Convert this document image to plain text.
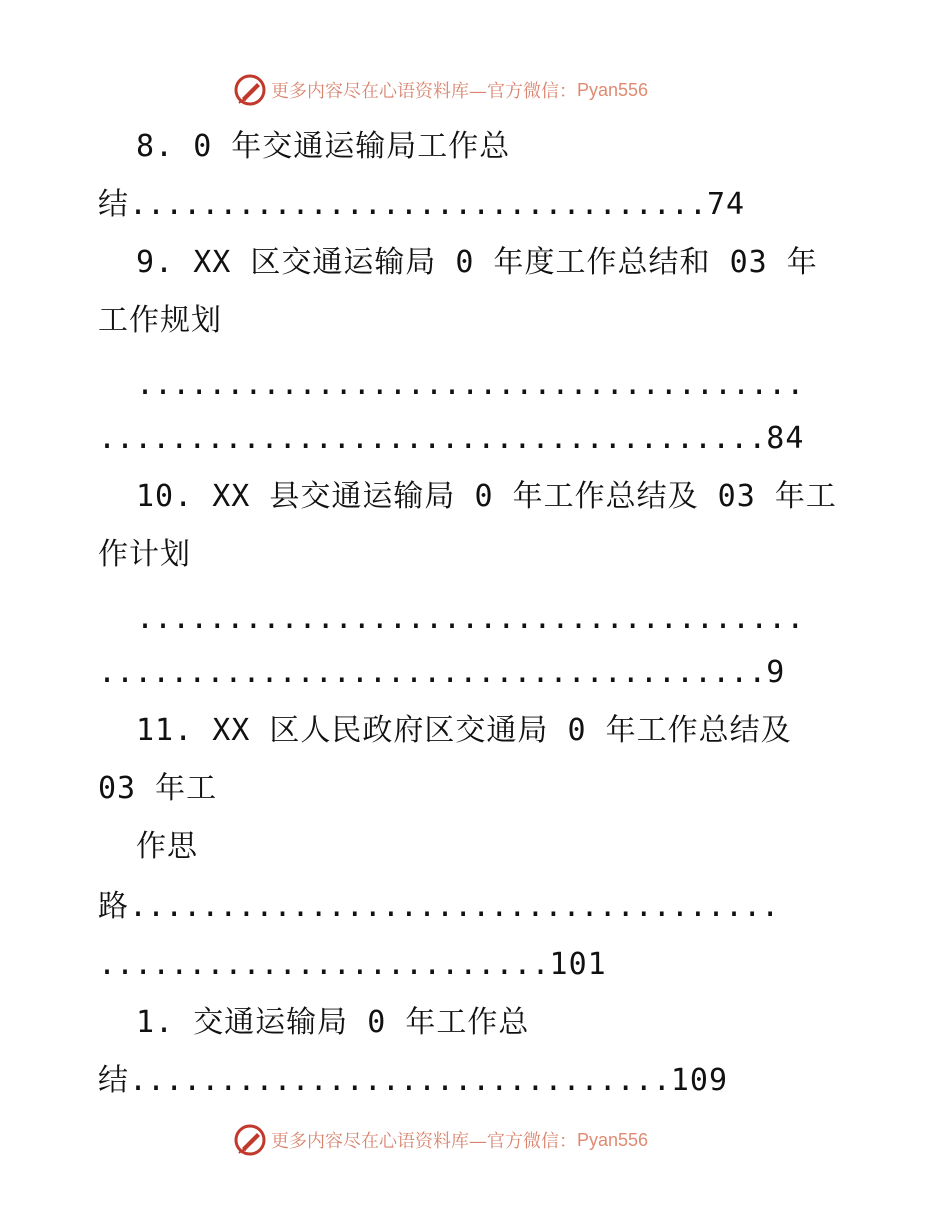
更多内容尽在心语资料库—官方微信： Pyan556
8. 0 年交通运输局工作总
结................................74
9. XX 区交通运输局 0 年度工作总结和 03 年
工作规划
.....................................
.....................................84
10. XX 县交通运输局 0 年工作总结及 03 年工
作计划
.....................................
.....................................9
11. XX 区人民政府区交通局 0 年工作总结及
03 年工
作思
路....................................
.........................101
1. 交通运输局 0 年工作总
结..............................109
更多内容尽在心语资料库—官方微信： Pyan556
